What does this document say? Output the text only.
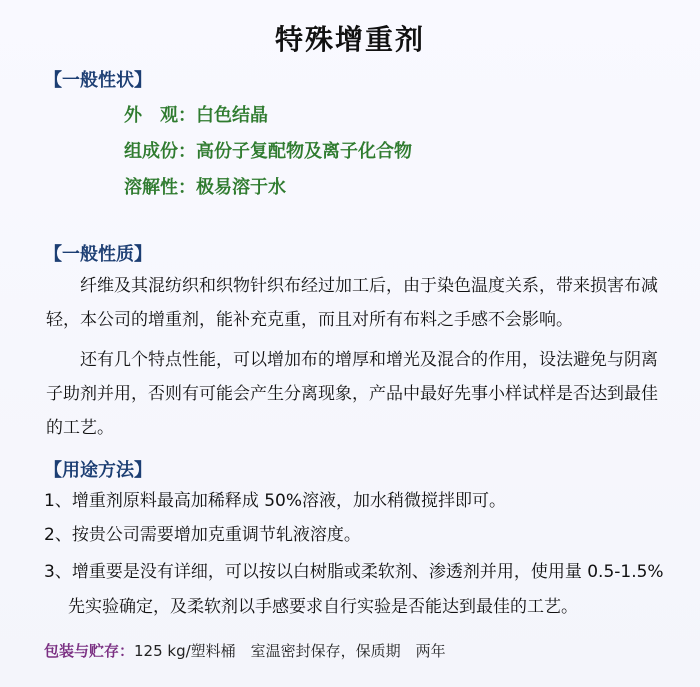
特殊增重剂
【一般性状】
外　观：白色结晶
组成份：高份子复配物及离子化合物
溶解性：极易溶于水
【一般性质】
纤维及其混纺织和织物针织布经过加工后，由于染色温度关系，带来损害布减轻，本公司的增重剂，能补充克重，而且对所有布料之手感不会影响。
还有几个特点性能，可以增加布的增厚和增光及混合的作用，设法避免与阴离子助剂并用，否则有可能会产生分离现象，产品中最好先事小样试样是否达到最佳的工艺。
【用途方法】
1、增重剂原料最高加稀释成 50%溶液，加水稍微搅拌即可。
2、按贵公司需要增加克重调节轧液溶度。
3、增重要是没有详细，可以按以白树脂或柔软剂、渗透剂并用，使用量 0.5-1.5%
先实验确定，及柔软剂以手感要求自行实验是否能达到最佳的工艺。
包装与贮存：125 kg/塑料桶　室温密封保存，保质期　两年
